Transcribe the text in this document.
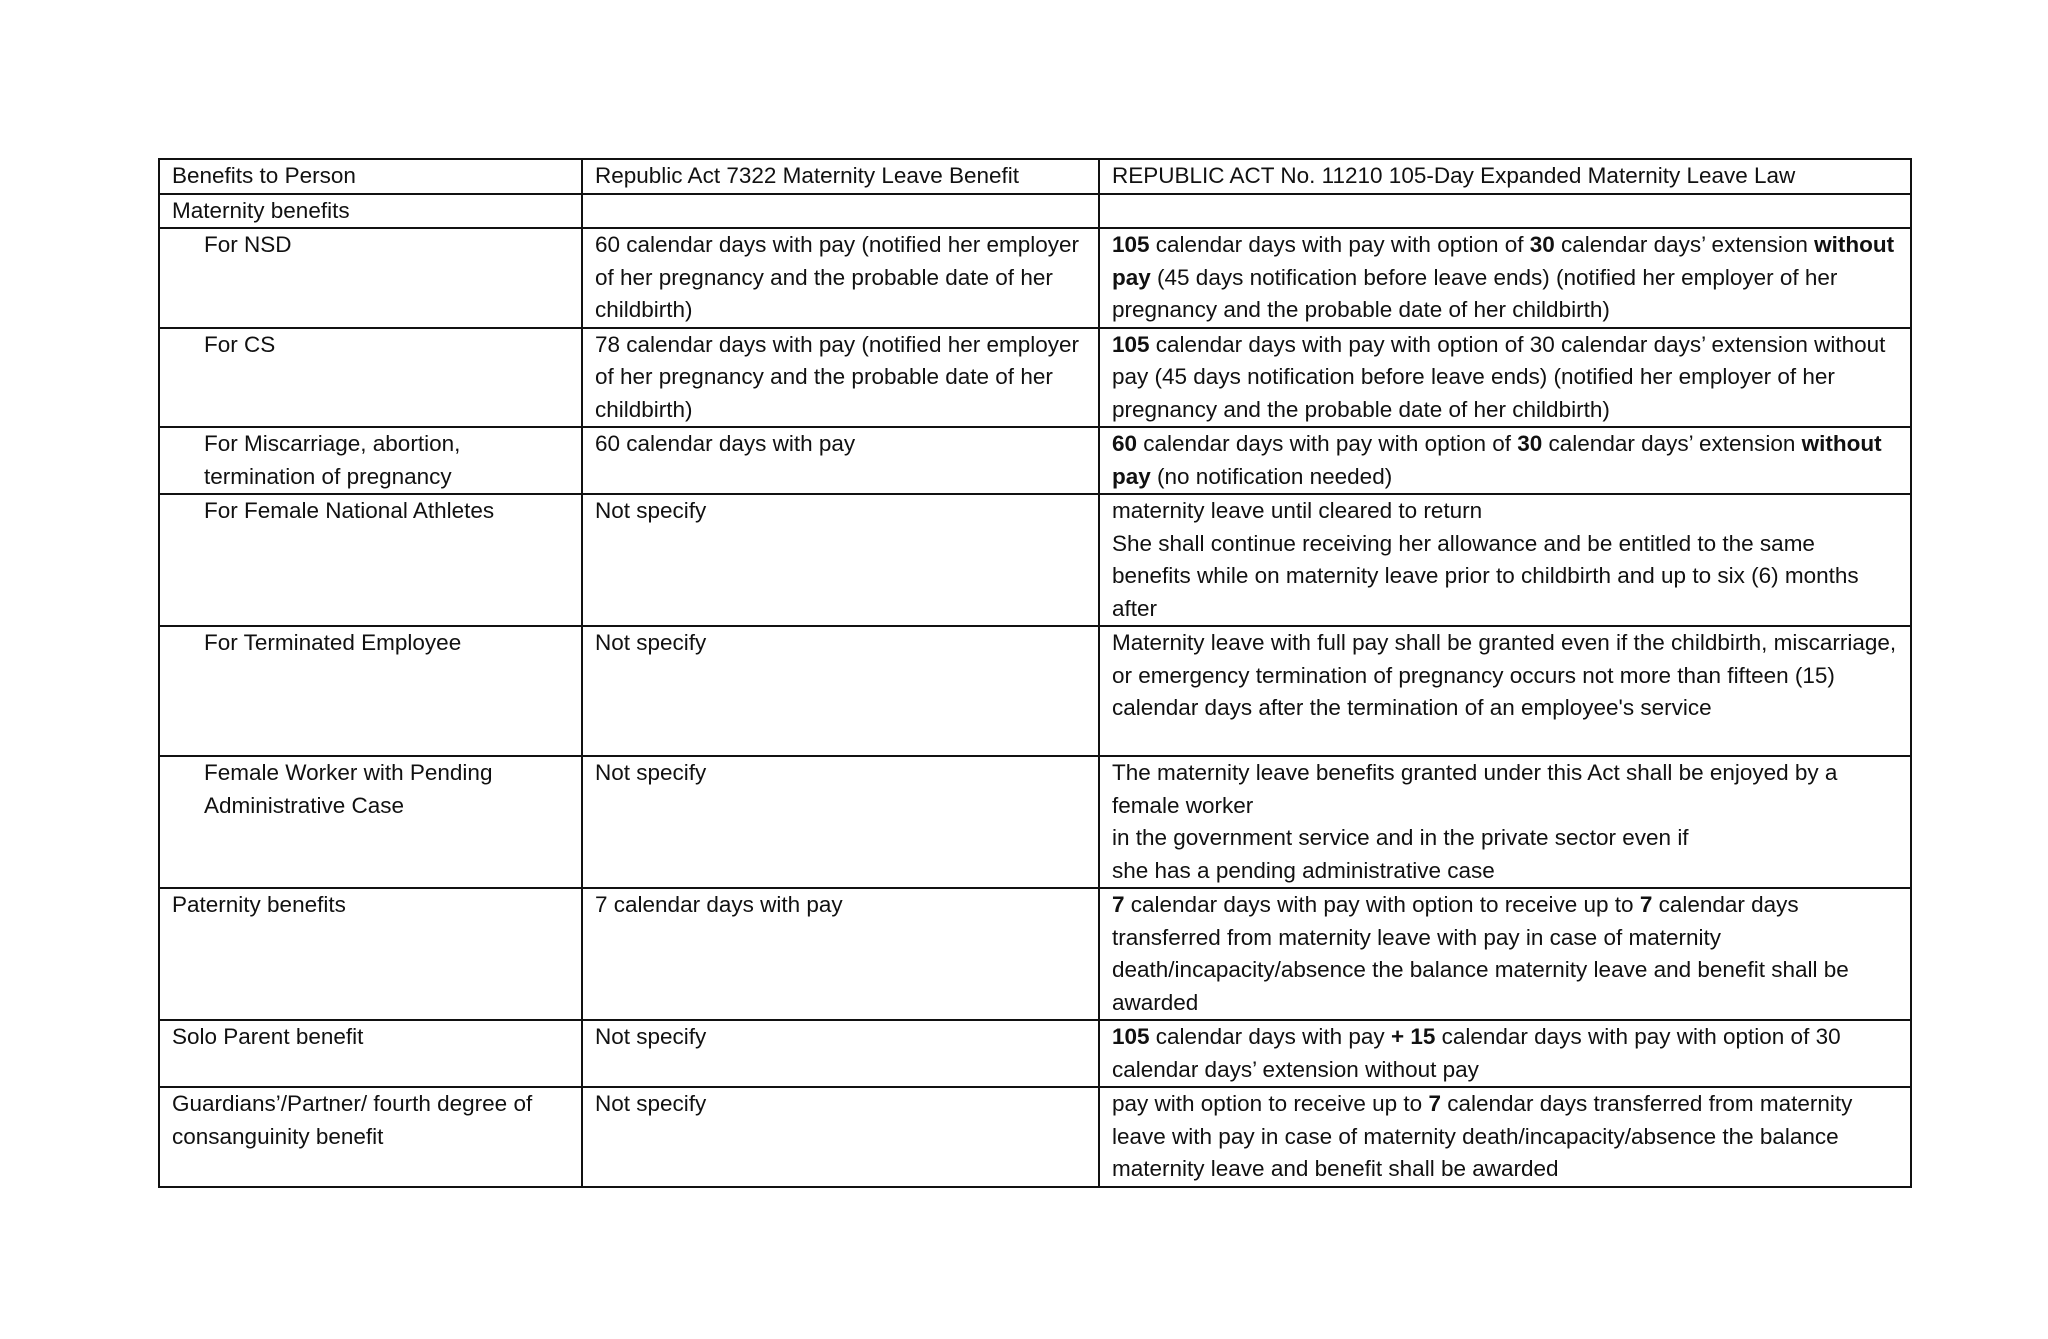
Benefits to Person	Republic Act 7322 Maternity Leave Benefit	REPUBLIC ACT No. 11210 105-Day Expanded Maternity Leave Law
Maternity benefits		
For NSD	60 calendar days with pay (notified her employer of her pregnancy and the probable date of her childbirth)	105 calendar days with pay with option of 30 calendar days’ extension without pay (45 days notification before leave ends) (notified her employer of her pregnancy and the probable date of her childbirth)
For CS	78 calendar days with pay (notified her employer of her pregnancy and the probable date of her childbirth)	105 calendar days with pay with option of 30 calendar days’ extension without pay (45 days notification before leave ends) (notified her employer of her pregnancy and the probable date of her childbirth)
For Miscarriage, abortion, termination of pregnancy	60 calendar days with pay	60 calendar days with pay with option of 30 calendar days’ extension without pay (no notification needed)
For Female National Athletes	Not specify	maternity leave until cleared to return
She shall continue receiving her allowance and be entitled to the same benefits while on maternity leave prior to childbirth and up to six (6) months after
For Terminated Employee	Not specify	Maternity leave with full pay shall be granted even if the childbirth, miscarriage, or emergency termination of pregnancy occurs not more than fifteen (15) calendar days after the termination of an employee's service
Female Worker with Pending Administrative Case	Not specify	The maternity leave benefits granted under this Act shall be enjoyed by a female worker
in the government service and in the private sector even if
she has a pending administrative case
Paternity benefits	7 calendar days with pay	7 calendar days with pay with option to receive up to 7 calendar days transferred from maternity leave with pay in case of maternity death/incapacity/absence the balance maternity leave and benefit shall be awarded
Solo Parent benefit	Not specify	105 calendar days with pay + 15 calendar days with pay with option of 30 calendar days’ extension without pay
Guardians’/Partner/ fourth degree of consanguinity benefit	Not specify	pay with option to receive up to 7 calendar days transferred from maternity leave with pay in case of maternity death/incapacity/absence the balance maternity leave and benefit shall be awarded
